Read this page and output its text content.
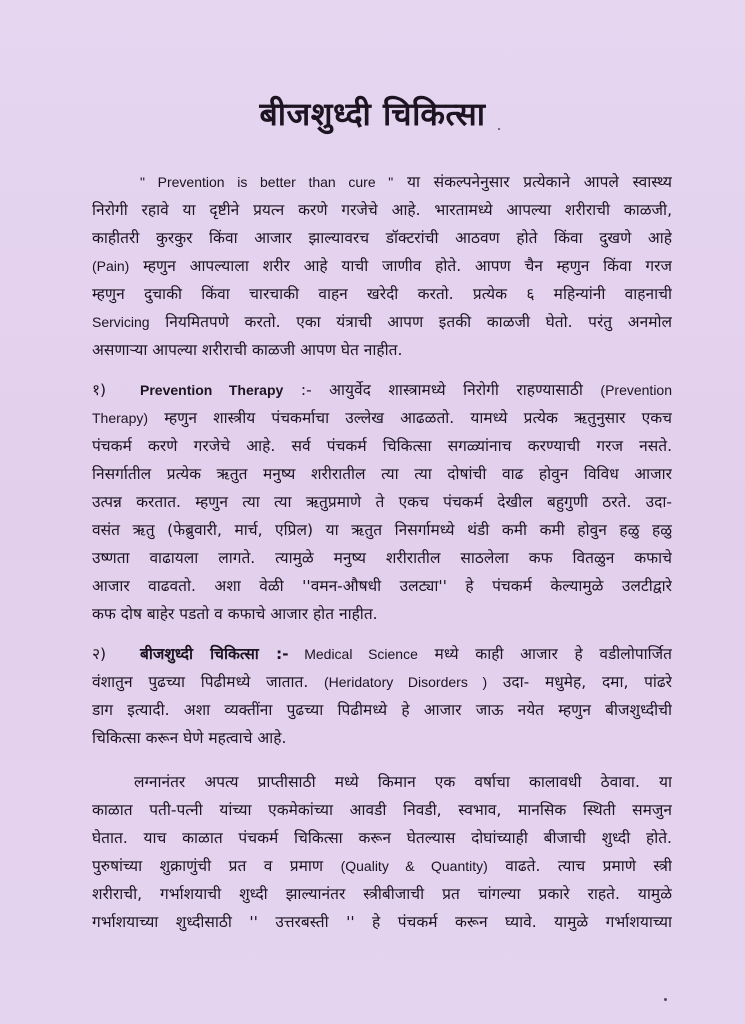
बीजशुध्दी चिकित्सा
" Prevention is better than cure " या संकल्पनेनुसार प्रत्येकाने आपले स्वास्थ्य
निरोगी रहावे या दृष्टीने प्रयत्न करणे गरजेचे आहे. भारतामध्ये आपल्या शरीराची काळजी,
काहीतरी कुरकुर किंवा आजार झाल्यावरच डॉक्टरांची आठवण होते किंवा दुखणे आहे
(Pain) म्हणुन आपल्याला शरीर आहे याची जाणीव होते. आपण चैन म्हणुन किंवा गरज
म्हणुन दुचाकी किंवा चारचाकी वाहन खरेदी करतो. प्रत्येक ६ महिन्यांनी वाहनाची
Servicing नियमितपणे करतो. एका यंत्राची आपण इतकी काळजी घेतो. परंतु अनमोल
असणाऱ्या आपल्या शरीराची काळजी आपण घेत नाहीत.
१) Prevention Therapy :- आयुर्वेद शास्त्रामध्ये निरोगी राहण्यासाठी (Prevention
Therapy) म्हणुन शास्त्रीय पंचकर्माचा उल्लेख आढळतो. यामध्ये प्रत्येक ऋतुनुसार एकच
पंचकर्म करणे गरजेचे आहे. सर्व पंचकर्म चिकित्सा सगळ्यांनाच करण्याची गरज नसते.
निसर्गातील प्रत्येक ऋतुत मनुष्य शरीरातील त्या त्या दोषांची वाढ होवुन विविध आजार
उत्पन्न करतात. म्हणुन त्या त्या ऋतुप्रमाणे ते एकच पंचकर्म देखील बहुगुणी ठरते. उदा-
वसंत ऋतु (फेब्रुवारी, मार्च, एप्रिल) या ऋतुत निसर्गामध्ये थंडी कमी कमी होवुन हळु हळु
उष्णता वाढायला लागते. त्यामुळे मनुष्य शरीरातील साठलेला कफ वितळुन कफाचे
आजार वाढवतो. अशा वेळी ''वमन-औषधी उलट्या'' हे पंचकर्म केल्यामुळे उलटीद्वारे
कफ दोष बाहेर पडतो व कफाचे आजार होत नाहीत.
२) बीजशुध्दी चिकित्सा :- Medical Science मध्ये काही आजार हे वडीलोपार्जित
वंशातुन पुढच्या पिढीमध्ये जातात. (Heridatory Disorders ) उदा- मधुमेह, दमा, पांढरे
डाग इत्यादी. अशा व्यक्तींना पुढच्या पिढीमध्ये हे आजार जाऊ नयेत म्हणुन बीजशुध्दीची
चिकित्सा करून घेणे महत्वाचे आहे.
लग्नानंतर अपत्य प्राप्तीसाठी मध्ये किमान एक वर्षाचा कालावधी ठेवावा. या
काळात पती-पत्नी यांच्या एकमेकांच्या आवडी निवडी, स्वभाव, मानसिक स्थिती समजुन
घेतात. याच काळात पंचकर्म चिकित्सा करून घेतल्यास दोघांच्याही बीजाची शुध्दी होते.
पुरुषांच्या शुक्राणुंची प्रत व प्रमाण (Quality & Quantity) वाढते. त्याच प्रमाणे स्त्री
शरीराची, गर्भाशयाची शुध्दी झाल्यानंतर स्त्रीबीजाची प्रत चांगल्या प्रकारे राहते. यामुळे
गर्भाशयाच्या शुध्दीसाठी '' उत्तरबस्ती '' हे पंचकर्म करून घ्यावे. यामुळे गर्भाशयाच्या
